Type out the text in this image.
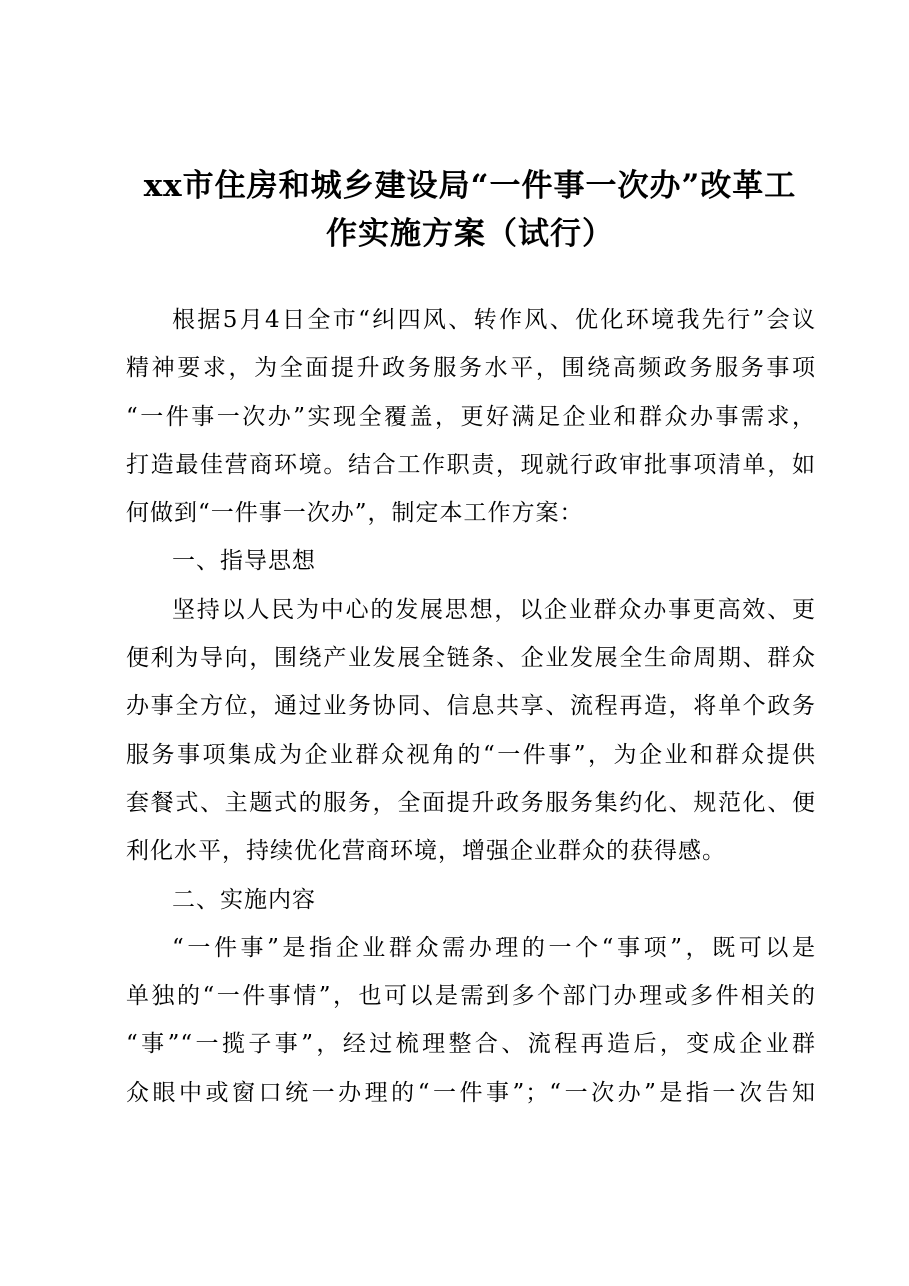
xx市住房和城乡建设局“一件事一次办”改革工
作实施方案（试行）
根据5月4日全市“纠四风、转作风、优化环境我先行”会议
精神要求，为全面提升政务服务水平，围绕高频政务服务事项
“一件事一次办”实现全覆盖，更好满足企业和群众办事需求，
打造最佳营商环境。结合工作职责，现就行政审批事项清单，如
何做到“一件事一次办”，制定本工作方案：
一、指导思想
坚持以人民为中心的发展思想，以企业群众办事更高效、更
便利为导向，围绕产业发展全链条、企业发展全生命周期、群众
办事全方位，通过业务协同、信息共享、流程再造，将单个政务
服务事项集成为企业群众视角的“一件事”，为企业和群众提供
套餐式、主题式的服务，全面提升政务服务集约化、规范化、便
利化水平，持续优化营商环境，增强企业群众的获得感。
二、实施内容
“一件事”是指企业群众需办理的一个“事项”，既可以是
单独的“一件事情”，也可以是需到多个部门办理或多件相关的
“事”“一揽子事”，经过梳理整合、流程再造后，变成企业群
众眼中或窗口统一办理的“一件事”；“一次办”是指一次告知
